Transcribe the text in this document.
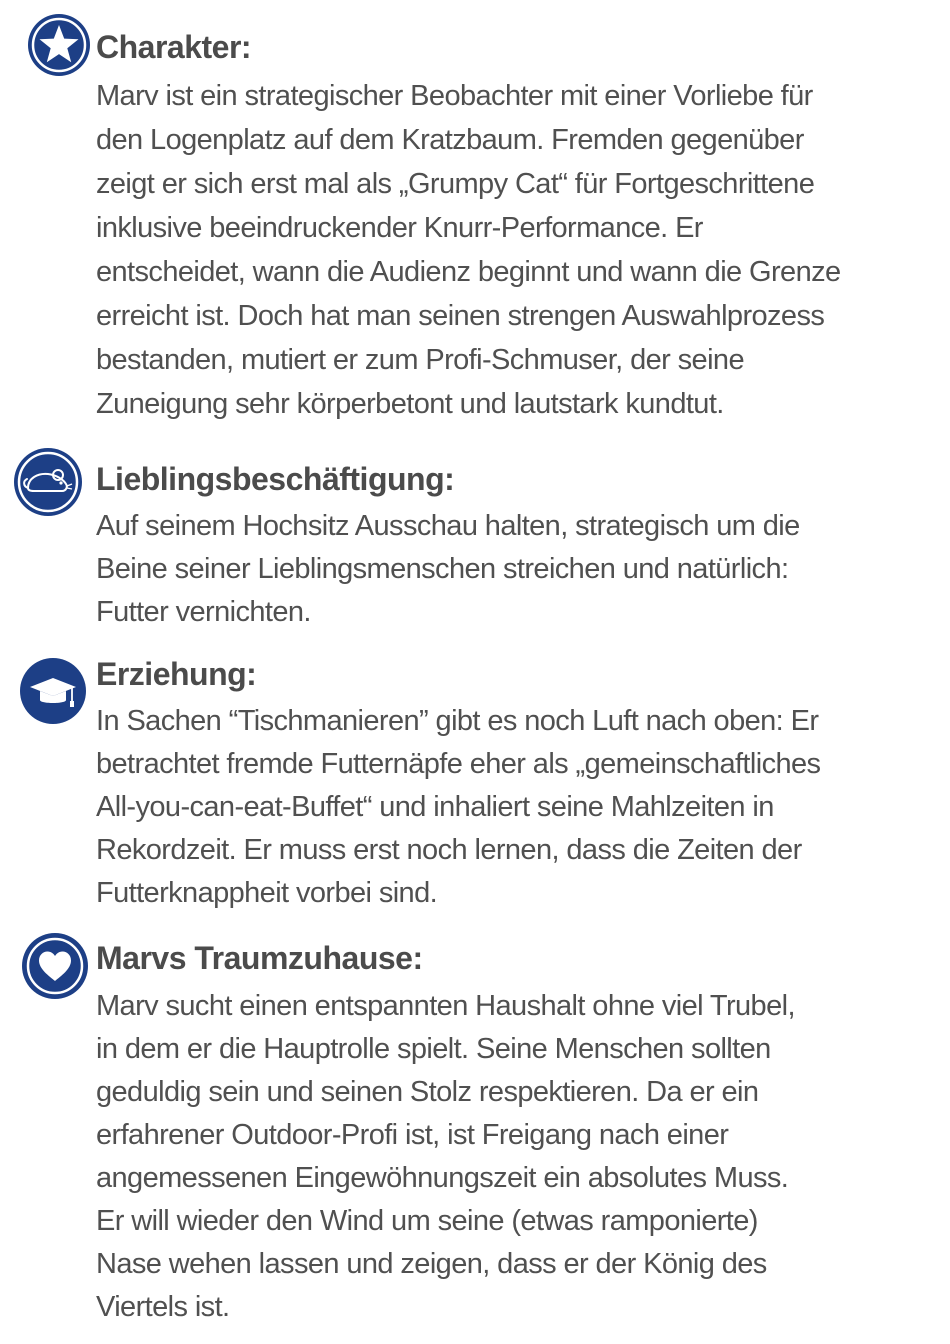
Charakter:

Marv ist ein strategischer Beobachter mit einer Vorliebe für
den Logenplatz auf dem Kratzbaum. Fremden gegenüber
zeigt er sich erst mal als „Grumpy Cat“ für Fortgeschrittene
inklusive beeindruckender Knurr-Performance. Er
entscheidet, wann die Audienz beginnt und wann die Grenze
erreicht ist. Doch hat man seinen strengen Auswahlprozess
bestanden, mutiert er zum Profi-Schmuser, der seine
Zuneigung sehr körperbetont und lautstark kundtut.

Lieblingsbeschäftigung:

Auf seinem Hochsitz Ausschau halten, strategisch um die
Beine seiner Lieblingsmenschen streichen und natürlich:
Futter vernichten.

Erziehung:

In Sachen “Tischmanieren” gibt es noch Luft nach oben: Er
betrachtet fremde Futternäpfe eher als „gemeinschaftliches
All-you-can-eat-Buffet“ und inhaliert seine Mahlzeiten in
Rekordzeit. Er muss erst noch lernen, dass die Zeiten der
Futterknappheit vorbei sind.

Marvs Traumzuhause:

Marv sucht einen entspannten Haushalt ohne viel Trubel,
in dem er die Hauptrolle spielt. Seine Menschen sollten
geduldig sein und seinen Stolz respektieren. Da er ein
erfahrener Outdoor-Profi ist, ist Freigang nach einer
angemessenen Eingewöhnungszeit ein absolutes Muss.
Er will wieder den Wind um seine (etwas ramponierte)
Nase wehen lassen und zeigen, dass er der König des
Viertels ist.
